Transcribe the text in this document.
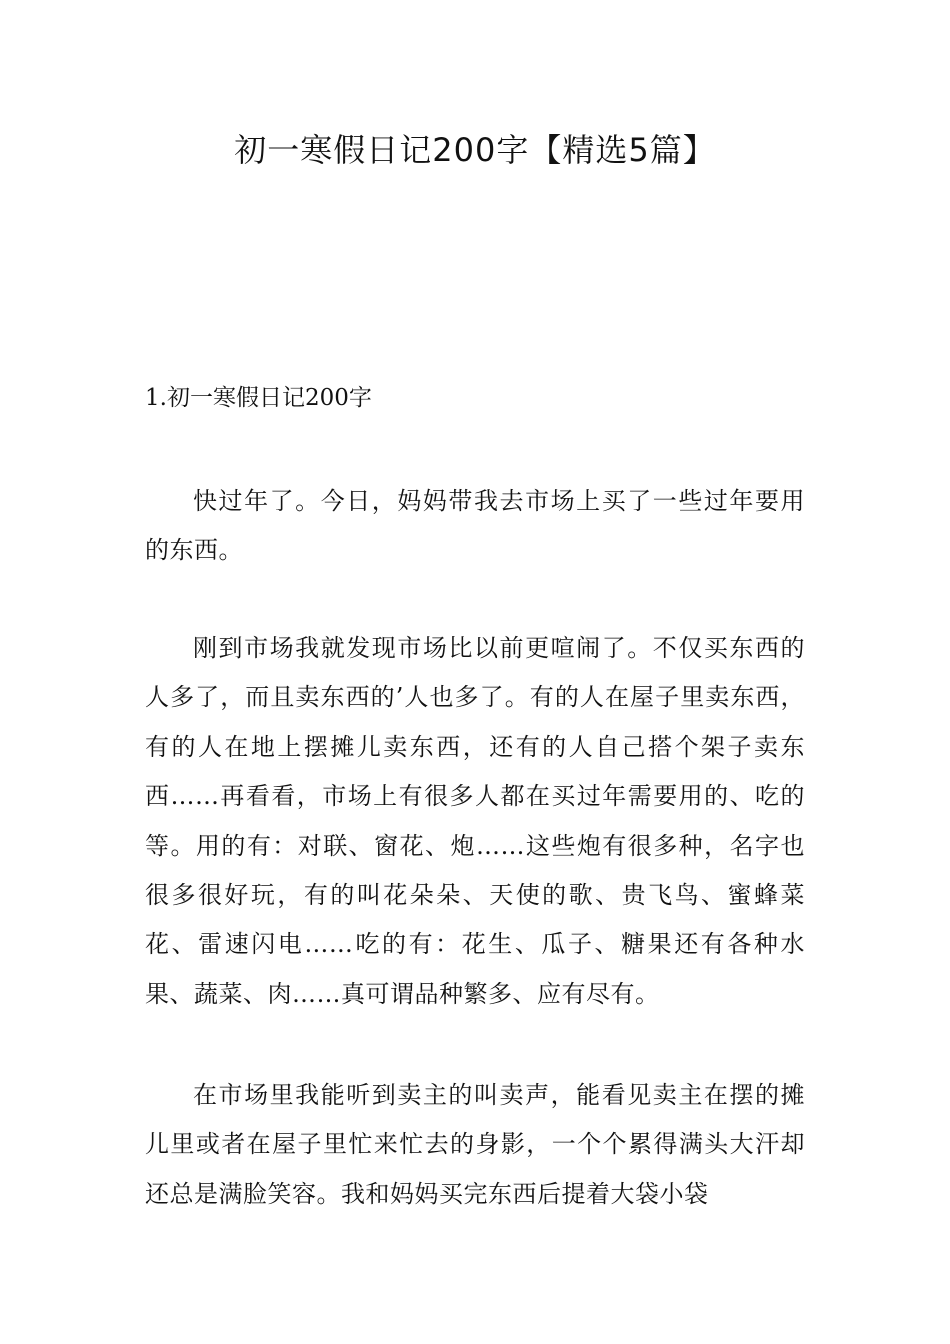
初一寒假日记200字【精选5篇】
1.初一寒假日记200字

快过年了。今日，妈妈带我去市场上买了一些过年要用的东西。

刚到市场我就发现市场比以前更喧闹了。不仅买东西的人多了，而且卖东西的’人也多了。有的人在屋子里卖东西，有的人在地上摆摊儿卖东西，还有的人自己搭个架子卖东西……再看看，市场上有很多人都在买过年需要用的、吃的等。用的有：对联、窗花、炮……这些炮有很多种，名字也很多很好玩，有的叫花朵朵、天使的歌、贵飞鸟、蜜蜂菜花、雷速闪电……吃的有：花生、瓜子、糖果还有各种水果、蔬菜、肉……真可谓品种繁多、应有尽有。

在市场里我能听到卖主的叫卖声，能看见卖主在摆的摊儿里或者在屋子里忙来忙去的身影，一个个累得满头大汗却还总是满脸笑容。我和妈妈买完东西后提着大袋小袋
